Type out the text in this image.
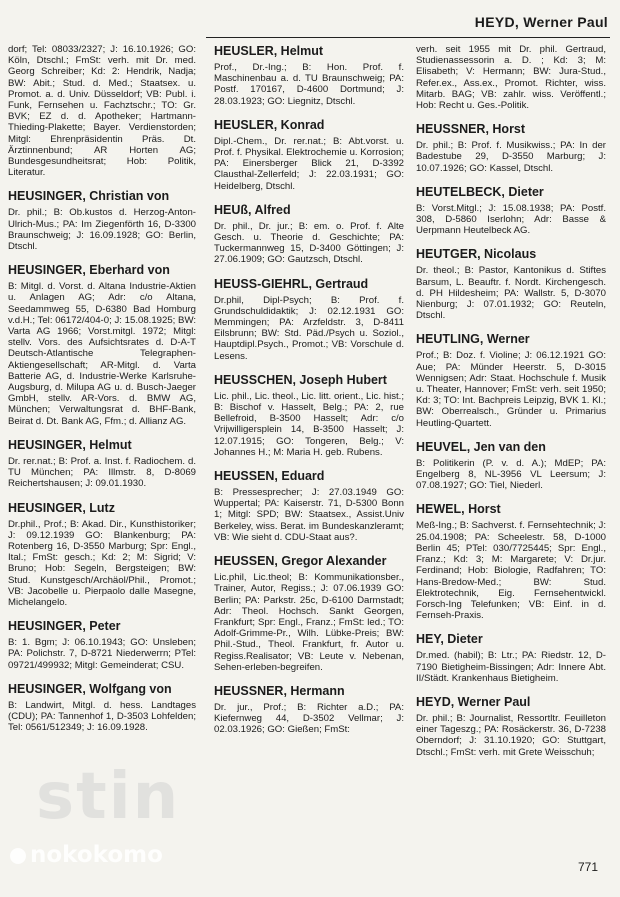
HEYD, Werner Paul

dorf; Tel: 08033/2327; J: 16.10.1926; GO: Köln, Dtschl.; FmSt: verh. mit Dr. med. Georg Schreiber; Kd: 2: Hendrik, Nadja; BW: Abit.; Stud. d. Med.; Staatsex. u. Promot. a. d. Univ. Düsseldorf; VB: Publ. i. Funk, Fernsehen u. Fachztschr.; TO: Gr. BVK; EZ d. d. Apotheker; Hartmann-Thieding-Plakette; Bayer. Verdienstorden; Mitgl: Ehrenpräsidentin Präs. Dt. Ärztinnenbund; AR Horten AG; Bundesgesundheitsrat; Hob: Politik, Literatur.

HEUSINGER, Christian von

Dr. phil.; B: Ob.kustos d. Herzog-Anton-Ulrich-Mus.; PA: Im Ziegenförth 16, D-3300 Braunschweig; J: 16.09.1928; GO: Berlin, Dtschl.

HEUSINGER, Eberhard von

B: Mitgl. d. Vorst. d. Altana Industrie-Aktien u. Anlagen AG; Adr: c/o Altana, Seedammweg 55, D-6380 Bad Homburg v.d.H.; Tel: 06172/404-0; J: 15.08.1925; BW: Varta AG 1966; Vorst.mitgl. 1972; Mitgl: stellv. Vors. des Aufsichtsrates d. D-A-T Deutsch-Atlantische Telegraphen-Aktiengesellschaft; AR-Mitgl. d. Varta Batterie AG, d. Industrie-Werke Karlsruhe-Augsburg, d. Milupa AG u. d. Busch-Jaeger GmbH, stellv. AR-Vors. d. BMW AG, München; Verwaltungsrat d. BHF-Bank, Beirat d. Dt. Bank AG, Ffm.; d. Allianz AG.

HEUSINGER, Helmut

Dr. rer.nat.; B: Prof. a. Inst. f. Radiochem. d. TU München; PA: Illmstr. 8, D-8069 Reichertshausen; J: 09.01.1930.

HEUSINGER, Lutz

Dr.phil., Prof.; B: Akad. Dir., Kunsthistoriker; J: 09.12.1939 GO: Blankenburg; PA: Rotenberg 16, D-3550 Marburg; Spr: Engl., Ital.; FmSt: gesch.; Kd: 2; M: Sigrid; V: Bruno; Hob: Segeln, Bergsteigen; BW: Stud. Kunstgesch/Archäol/Phil., Promot.; VB: Jacobelle u. Pierpaolo dalle Masegne, Michelangelo.

HEUSINGER, Peter

B: 1. Bgm; J: 06.10.1943; GO: Unsleben; PA: Polichstr. 7, D-8721 Niederwerrn; PTel: 09721/499932; Mitgl: Gemeinderat; CSU.

HEUSINGER, Wolfgang von

B: Landwirt, Mitgl. d. hess. Landtages (CDU); PA: Tannenhof 1, D-3503 Lohfelden; Tel: 0561/512349; J: 16.09.1928.

HEUSLER, Helmut

Prof., Dr.-Ing.; B: Hon. Prof. f. Maschinenbau a. d. TU Braunschweig; PA: Postf. 170167, D-4600 Dortmund; J: 28.03.1923; GO: Liegnitz, Dtschl.

HEUSLER, Konrad

Dipl.-Chem., Dr. rer.nat.; B: Abt.vorst. u. Prof. f. Physikal. Elektrochemie u. Korrosion; PA: Einersberger Blick 21, D-3392 Clausthal-Zellerfeld; J: 22.03.1931; GO: Heidelberg, Dtschl.

HEUß, Alfred

Dr. phil., Dr. jur.; B: em. o. Prof. f. Alte Gesch. u. Theorie d. Geschichte; PA: Tuckermannweg 15, D-3400 Göttingen; J: 27.06.1909; GO: Gautzsch, Dtschl.

HEUSS-GIEHRL, Gertraud

Dr.phil, Dipl-Psych; B: Prof. f. Grundschuldidaktik; J: 02.12.1931 GO: Memmingen; PA: Arzfeldstr. 3, D-8411 Eilsbrunn; BW: Std. Päd./Psych u. Soziol., Hauptdipl.Psych., Promot.; VB: Vorschule d. Lesens.

HEUSSCHEN, Joseph Hubert

Lic. phil., Lic. theol., Lic. litt. orient., Lic. hist.; B: Bischof v. Hasselt, Belg.; PA: 2, rue Bellefroid, B-3500 Hasselt; Adr: c/o Vrijwilligersplein 14, B-3500 Hasselt; J: 12.07.1915; GO: Tongeren, Belg.; V: Johannes H.; M: Maria H. geb. Rubens.

HEUSSEN, Eduard

B: Pressesprecher; J: 27.03.1949 GO: Wuppertal; PA: Kaiserstr. 71, D-5300 Bonn 1; Mitgl: SPD; BW: Staatsex., Assist.Univ Berkeley, wiss. Berat. im Bundeskanzleramt; VB: Wie sieht d. CDU-Staat aus?.

HEUSSEN, Gregor Alexander

Lic.phil, Lic.theol; B: Kommunikationsber., Trainer, Autor, Regiss.; J: 07.06.1939 GO: Berlin; PA: Parkstr. 25c, D-6100 Darmstadt; Adr: Theol. Hochsch. Sankt Georgen, Frankfurt; Spr: Engl., Franz.; FmSt: led.; TO: Adolf-Grimme-Pr., Wilh. Lübke-Preis; BW: Phil.-Stud., Theol. Frankfurt, fr. Autor u. Regiss.Realisator; VB: Leute v. Nebenan, Sehen-erleben-begreifen.

HEUSSNER, Hermann

Dr. jur., Prof.; B: Richter a.D.; PA: Kiefernweg 44, D-3502 Vellmar; J: 02.03.1926; GO: Gießen; FmSt:

verh. seit 1955 mit Dr. phil. Gertraud, Studienassessorin a. D. ; Kd: 3; M: Elisabeth; V: Hermann; BW: Jura-Stud., Refer.ex., Ass.ex., Promot. Richter, wiss. Mitarb. BAG; VB: zahlr. wiss. Veröffentl.; Hob: Recht u. Ges.-Politik.

HEUSSNER, Horst

Dr. phil.; B: Prof. f. Musikwiss.; PA: In der Badestube 29, D-3550 Marburg; J: 10.07.1926; GO: Kassel, Dtschl.

HEUTELBECK, Dieter

B: Vorst.Mitgl.; J: 15.08.1938; PA: Postf. 308, D-5860 Iserlohn; Adr: Basse & Uerpmann Heutelbeck AG.

HEUTGER, Nicolaus

Dr. theol.; B: Pastor, Kantonikus d. Stiftes Barsum, L. Beauftr. f. Nordt. Kirchengesch. d. PH Hildesheim; PA: Wallstr. 5, D-3070 Nienburg; J: 07.01.1932; GO: Reuteln, Dtschl.

HEUTLING, Werner

Prof.; B: Doz. f. Violine; J: 06.12.1921 GO: Aue; PA: Münder Heerstr. 5, D-3015 Wennigsen; Adr: Staat. Hochschule f. Musik u. Theater, Hannover; FmSt: verh. seit 1950; Kd: 3; TO: Int. Bachpreis Leipzig, BVK 1. Kl.; BW: Oberrealsch., Gründer u. Primarius Heutling-Quartett.

HEUVEL, Jen van den

B: Politikerin (P. v. d. A.); MdEP; PA: Engelberg 8, NL-3956 VL Leersum; J: 07.08.1927; GO: Tiel, Niederl.

HEWEL, Horst

Meß-Ing.; B: Sachverst. f. Fernsehtechnik; J: 25.04.1908; PA: Scheelestr. 58, D-1000 Berlin 45; PTel: 030/7725445; Spr: Engl., Franz.; Kd: 3; M: Margarete; V: Dr.jur. Ferdinand; Hob: Biologie, Radfahren; TO: Hans-Bredow-Med.; BW: Stud. Elektrotechnik, Eig. Fernsehentwickl. Forsch-Ing Telefunken; VB: Einf. in d. Fernseh-Praxis.

HEY, Dieter

Dr.med. (habil); B: Ltr.; PA: Riedstr. 12, D-7190 Bietigheim-Bissingen; Adr: Innere Abt. II/Städt. Krankenhaus Bietigheim.

HEYD, Werner Paul

Dr. phil.; B: Journalist, Ressortltr. Feuilleton einer Tageszg.; PA: Rosäckerstr. 36, D-7238 Oberndorf; J: 31.10.1920; GO: Stuttgart, Dtschl.; FmSt: verh. mit Grete Weisschuh;

stin
nokokomo	771
